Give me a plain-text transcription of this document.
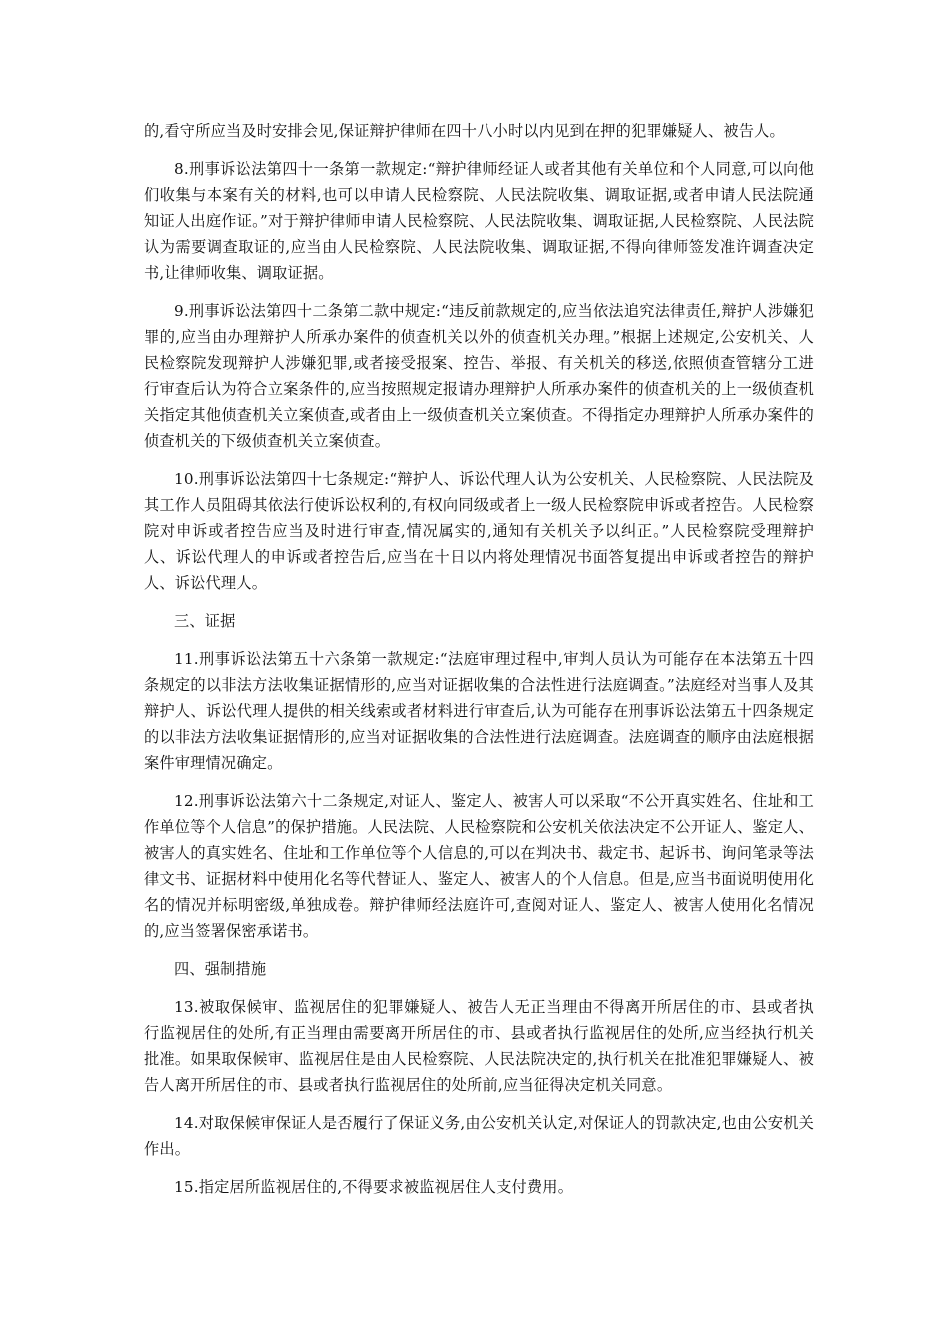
的,看守所应当及时安排会见,保证辩护律师在四十八小时以内见到在押的犯罪嫌疑人、被告人。

8.刑事诉讼法第四十一条第一款规定:“辩护律师经证人或者其他有关单位和个人同意,可以向他们收集与本案有关的材料,也可以申请人民检察院、人民法院收集、调取证据,或者申请人民法院通知证人出庭作证。”对于辩护律师申请人民检察院、人民法院收集、调取证据,人民检察院、人民法院认为需要调查取证的,应当由人民检察院、人民法院收集、调取证据,不得向律师签发准许调查决定书,让律师收集、调取证据。

9.刑事诉讼法第四十二条第二款中规定:“违反前款规定的,应当依法追究法律责任,辩护人涉嫌犯罪的,应当由办理辩护人所承办案件的侦查机关以外的侦查机关办理。”根据上述规定,公安机关、人民检察院发现辩护人涉嫌犯罪,或者接受报案、控告、举报、有关机关的移送,依照侦查管辖分工进行审查后认为符合立案条件的,应当按照规定报请办理辩护人所承办案件的侦查机关的上一级侦查机关指定其他侦查机关立案侦查,或者由上一级侦查机关立案侦查。不得指定办理辩护人所承办案件的侦查机关的下级侦查机关立案侦查。

10.刑事诉讼法第四十七条规定:“辩护人、诉讼代理人认为公安机关、人民检察院、人民法院及其工作人员阻碍其依法行使诉讼权利的,有权向同级或者上一级人民检察院申诉或者控告。人民检察院对申诉或者控告应当及时进行审查,情况属实的,通知有关机关予以纠正。”人民检察院受理辩护人、诉讼代理人的申诉或者控告后,应当在十日以内将处理情况书面答复提出申诉或者控告的辩护人、诉讼代理人。

三、证据

11.刑事诉讼法第五十六条第一款规定:“法庭审理过程中,审判人员认为可能存在本法第五十四条规定的以非法方法收集证据情形的,应当对证据收集的合法性进行法庭调查。”法庭经对当事人及其辩护人、诉讼代理人提供的相关线索或者材料进行审查后,认为可能存在刑事诉讼法第五十四条规定的以非法方法收集证据情形的,应当对证据收集的合法性进行法庭调查。法庭调查的顺序由法庭根据案件审理情况确定。

12.刑事诉讼法第六十二条规定,对证人、鉴定人、被害人可以采取“不公开真实姓名、住址和工作单位等个人信息”的保护措施。人民法院、人民检察院和公安机关依法决定不公开证人、鉴定人、被害人的真实姓名、住址和工作单位等个人信息的,可以在判决书、裁定书、起诉书、询问笔录等法律文书、证据材料中使用化名等代替证人、鉴定人、被害人的个人信息。但是,应当书面说明使用化名的情况并标明密级,单独成卷。辩护律师经法庭许可,查阅对证人、鉴定人、被害人使用化名情况的,应当签署保密承诺书。

四、强制措施

13.被取保候审、监视居住的犯罪嫌疑人、被告人无正当理由不得离开所居住的市、县或者执行监视居住的处所,有正当理由需要离开所居住的市、县或者执行监视居住的处所,应当经执行机关批准。如果取保候审、监视居住是由人民检察院、人民法院决定的,执行机关在批准犯罪嫌疑人、被告人离开所居住的市、县或者执行监视居住的处所前,应当征得决定机关同意。

14.对取保候审保证人是否履行了保证义务,由公安机关认定,对保证人的罚款决定,也由公安机关作出。

15.指定居所监视居住的,不得要求被监视居住人支付费用。
